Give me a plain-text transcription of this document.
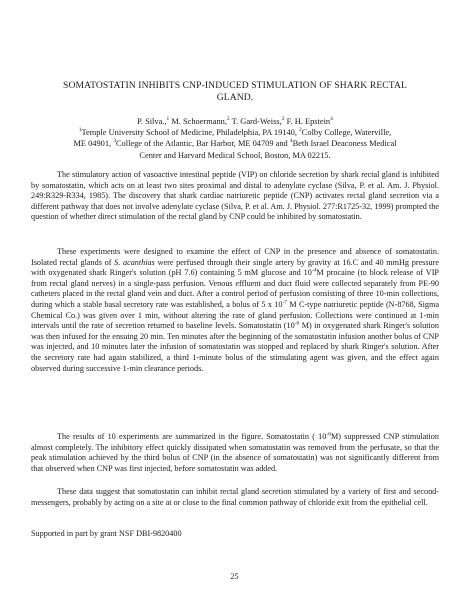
SOMATOSTATIN INHIBITS CNP-INDUCED STIMULATION OF SHARK RECTAL
GLAND.
P. Silva.,$^1$ M. Schoermann,$^2$ T. Gard-Weiss,$^2$ F. H. Epstein$^4$
$^1$Temple University School of Medicine, Philadelphia, PA 19140, $^2$Colby College, Waterville,
ME 04901, $^3$College of the Atlantic, Bar Harbor, ME 04709 and $^4$Beth Israel Deaconess Medical
Center and Harvard Medical School, Boston, MA 02215.

The stimulatory action of vasoactive intestinal peptide (VIP) on chloride secretion by shark rectal gland is inhibited by somatostatin, which acts on at least two sites proximal and distal to adenylate cyclase (Silva, P. et al. Am. J. Physiol. 249:R329-R334, 1985). The discovery that shark cardiac natriuretic peptide (CNP) activates rectal gland secretion via a different pathway that does not involve adenylate cyclase (Silva, P. et al. Am. J. Physiol. 277:R1725-32, 1999) prompted the question of whether direct stimulation of the rectal gland by CNP could be inhibited by somatostatin.

These experiments were designed to examine the effect of CNP in the presence and absence of somatostatin. Isolated rectal glands of S. acanthias were perfused through their single artery by gravity at 16.C and 40 mmHg pressure with oxygenated shark Ringer's solution (pH 7.6) containing 5 mM glucose and $10^{-4}M$ procaine (to block release of VIP from rectal gland nerves) in a single-pass perfusion. Venous effluent and duct fluid were collected separately from PE-90 catheters placed in the rectal gland vein and duct. After a control period of perfusion consisting of three 10-min collections, during which a stable basal secretory rate was established, a bolus of 5 x $10^{-7}$ M C-type natriuretic peptide (N-8768, Sigma Chemical Co.) was given over 1 min, without altering the rate of gland perfusion. Collections were continued at 1-min intervals until the rate of secretion returned to baseline levels. Somatostatin ($10^{-6}$ M) in oxygenated shark Ringer's solution was then infused for the ensuing 20 min. Ten minutes after the beginning of the somatostatin infusion another bolus of CNP was injected, and 10 minutes later the infusion of somatostatin was stopped and replaced by shark Ringer's solution. After the secretory rate had again stabilized, a third 1-minute bolus of the stimulating agent was given, and the effect again observed during successive 1-min clearance periods.

The results of 10 experiments are summarized in the figure. Somatostatin ( $10^{-6}M$) suppressed CNP stimulation almost completely. The inhibitory effect quickly dissipated when somatostatin was removed from the perfusate, so that the peak stimulation achieved by the third bolus of CNP (in the absence of somatostatin) was not significantly different from that observed when CNP was first injected, before somatostatin was added.

These data suggest that somatostatin can inhibit rectal gland secretion stimulated by a variety of first and second-messengers, probably by acting on a site at or close to the final common pathway of chloride exit from the epithelial cell.

Supported in part by grant NSF DBI-9820400
25
